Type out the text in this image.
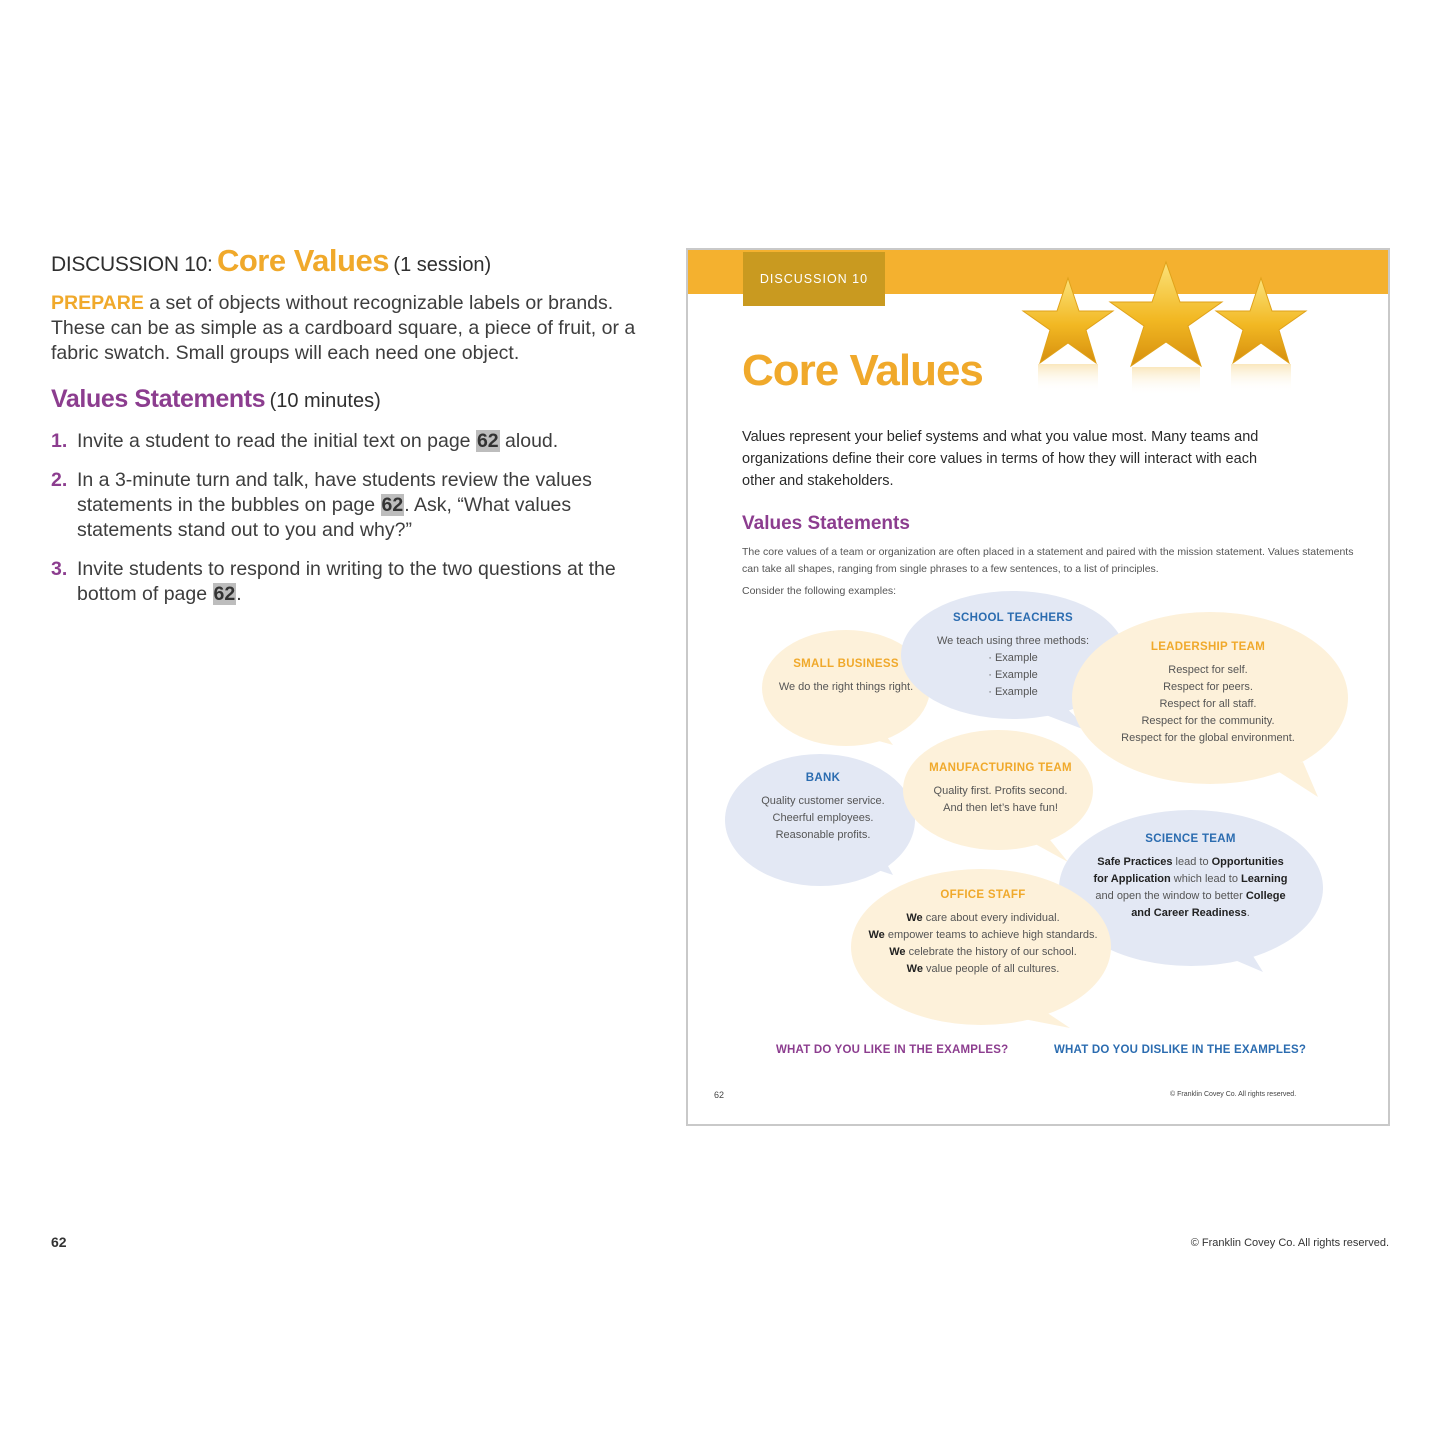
DISCUSSION 10: Core Values (1 session)
PREPARE a set of objects without recognizable labels or brands. These can be as simple as a cardboard square, a piece of fruit, or a fabric swatch. Small groups will each need one object.
Values Statements (10 minutes)
1. Invite a student to read the initial text on page 62 aloud.
2. In a 3-minute turn and talk, have students review the values statements in the bubbles on page 62. Ask, “What values statements stand out to you and why?”
3. Invite students to respond in writing to the two questions at the bottom of page 62.
62	© Franklin Covey Co. All rights reserved.
DISCUSSION 10
Core Values
Values represent your belief systems and what you value most. Many teams and organizations define their core values in terms of how they will interact with each other and stakeholders.
Values Statements
The core values of a team or organization are often placed in a statement and paired with the mission statement. Values statements can take all shapes, ranging from single phrases to a few sentences, to a list of principles.
Consider the following examples:
SMALL BUSINESS
We do the right things right.
SCHOOL TEACHERS
We teach using three methods:
· Example
· Example
· Example
LEADERSHIP TEAM
Respect for self.
Respect for peers.
Respect for all staff.
Respect for the community.
Respect for the global environment.
BANK
Quality customer service.
Cheerful employees.
Reasonable profits.
MANUFACTURING TEAM
Quality first. Profits second.
And then let’s have fun!
SCIENCE TEAM
Safe Practices lead to Opportunities
for Application which lead to Learning
and open the window to better College
and Career Readiness.
OFFICE STAFF
We care about every individual.
We empower teams to achieve high standards.
We celebrate the history of our school.
We value people of all cultures.
WHAT DO YOU LIKE IN THE EXAMPLES?	WHAT DO YOU DISLIKE IN THE EXAMPLES?
62	© Franklin Covey Co. All rights reserved.
